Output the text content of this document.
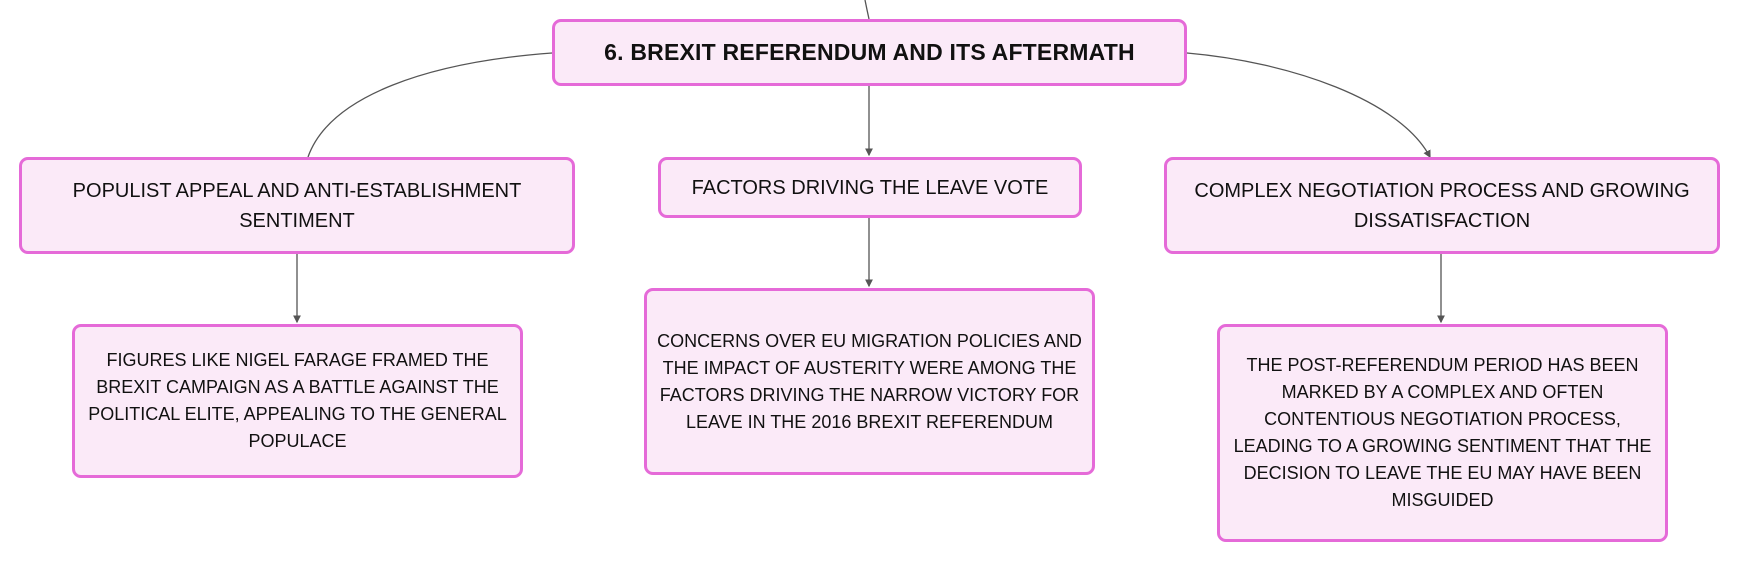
6. BREXIT REFERENDUM AND ITS AFTERMATH
POPULIST APPEAL AND ANTI-ESTABLISHMENT SENTIMENT
FACTORS DRIVING THE LEAVE VOTE	COMPLEX NEGOTIATION PROCESS AND GROWING DISSATISFACTION
FIGURES LIKE NIGEL FARAGE FRAMED THE BREXIT CAMPAIGN AS A BATTLE AGAINST THE POLITICAL ELITE, APPEALING TO THE GENERAL POPULACE
CONCERNS OVER EU MIGRATION POLICIES AND THE IMPACT OF AUSTERITY WERE AMONG THE FACTORS DRIVING THE NARROW VICTORY FOR LEAVE IN THE 2016 BREXIT REFERENDUM
THE POST-REFERENDUM PERIOD HAS BEEN MARKED BY A COMPLEX AND OFTEN CONTENTIOUS NEGOTIATION PROCESS, LEADING TO A GROWING SENTIMENT THAT THE DECISION TO LEAVE THE EU MAY HAVE BEEN MISGUIDED
